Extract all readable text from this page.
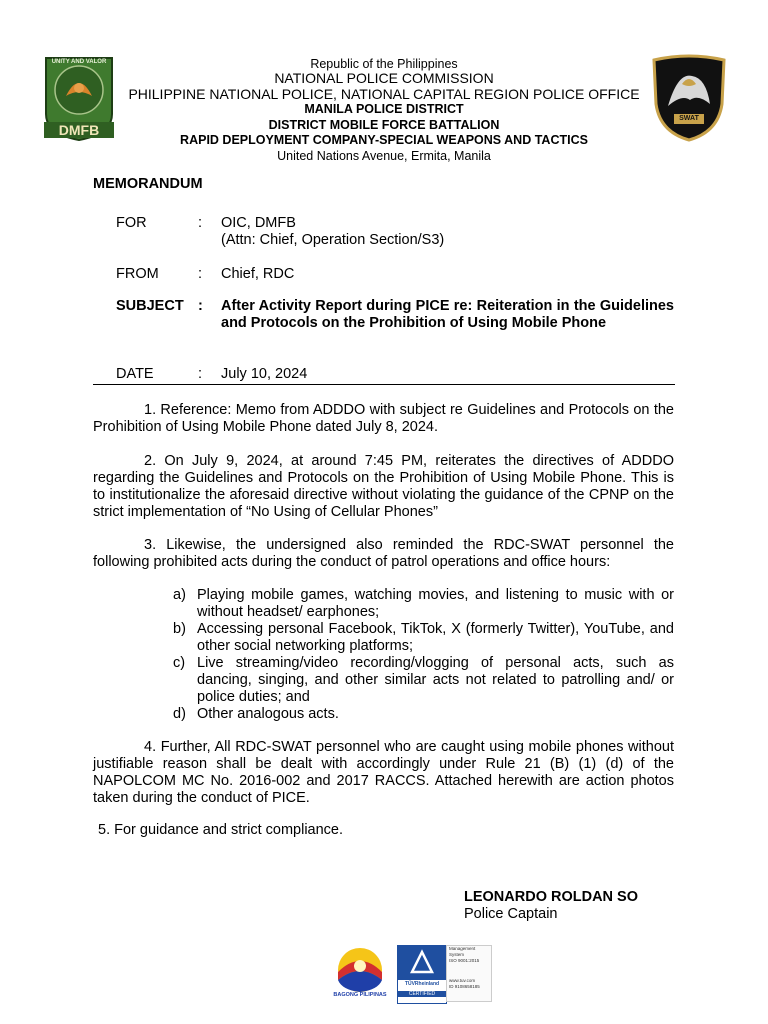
UNITY AND VALOR
DMFB
SWAT
Republic of the Philippines
NATIONAL POLICE COMMISSION
PHILIPPINE NATIONAL POLICE, NATIONAL CAPITAL REGION POLICE OFFICE
MANILA POLICE DISTRICT
DISTRICT MOBILE FORCE BATTALION
RAPID DEPLOYMENT COMPANY-SPECIAL WEAPONS AND TACTICS
United Nations Avenue, Ermita, Manila
MEMORANDUM
FOR	: OIC, DMFB
(Attn: Chief, Operation Section/S3)
FROM	: Chief, RDC
SUBJECT : After Activity Report during PICE re: Reiteration in the Guidelines and Protocols on the Prohibition of Using Mobile Phone
DATE	: July 10, 2024
1. Reference: Memo from ADDDO with subject re Guidelines and Protocols on the Prohibition of Using Mobile Phone dated July 8, 2024.
2. On July 9, 2024, at around 7:45 PM, reiterates the directives of ADDDO regarding the Guidelines and Protocols on the Prohibition of Using Mobile Phone. This is to institutionalize the aforesaid directive without violating the guidance of the CPNP on the strict implementation of “No Using of Cellular Phones”
3. Likewise, the undersigned also reminded the RDC-SWAT personnel the following prohibited acts during the conduct of patrol operations and office hours:
a) Playing mobile games, watching movies, and listening to music with or without headset/ earphones;
b) Accessing personal Facebook, TikTok, X (formerly Twitter), YouTube, and other social networking platforms;
c) Live streaming/video recording/vlogging of personal acts, such as dancing, singing, and other similar acts not related to patrolling and/ or police duties; and
d) Other analogous acts.
4. Further, All RDC-SWAT personnel who are caught using mobile phones without justifiable reason shall be dealt with accordingly under Rule 21 (B) (1) (d) of the NAPOLCOM MC No. 2016-002 and 2017 RACCS. Attached herewith are action photos taken during the conduct of PICE.
5. For guidance and strict compliance.
LEONARDO ROLDAN SO
Police Captain
BAGONG PILIPINAS
TÜVRheinland
CERTIFIED
Management
System
ISO 9001:2015
www.tuv.com
ID 9108658185
